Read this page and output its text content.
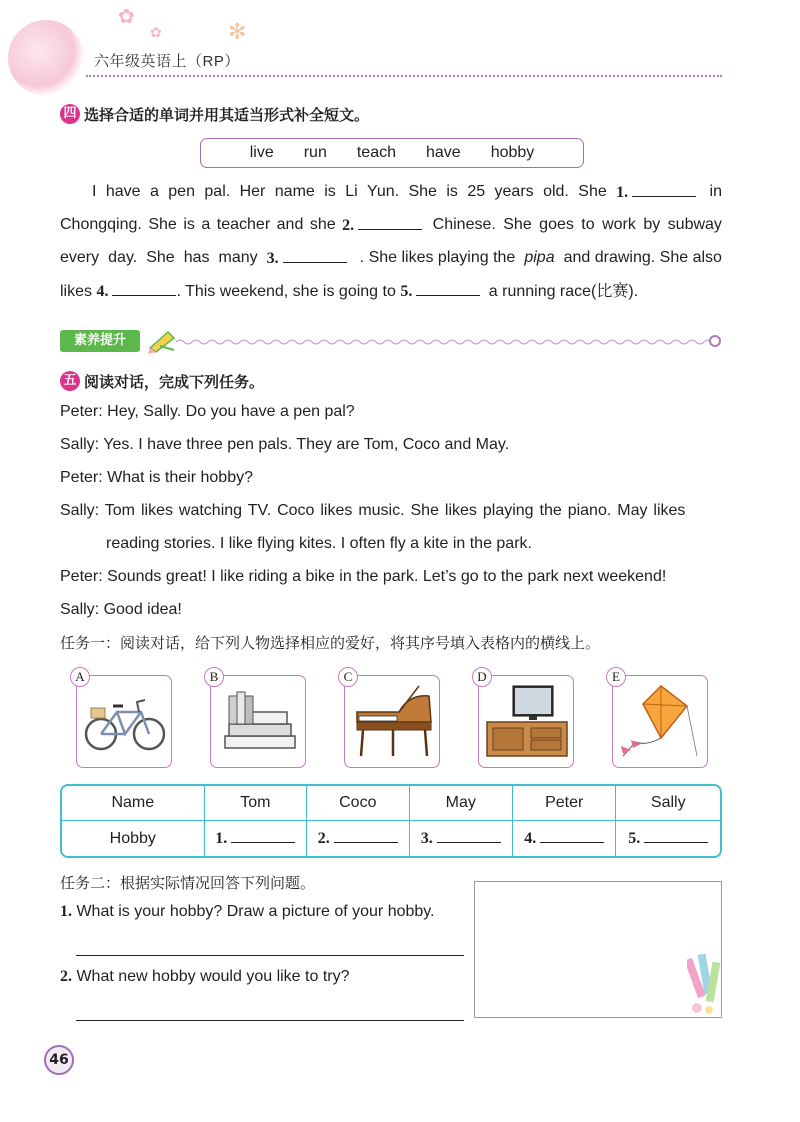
✿
✿	✻
六年级英语上（RP）
四 选择合适的单词并用其适当形式补全短文。
live run teach have hobby
I have a pen pal. Her name is Li Yun. She is 25 years old. She 1.	in
Chongqing. She is a teacher and she 2.	Chinese. She goes to work by subway
every day. She has many 3.	. She likes playing the pipa and drawing. She also
likes 4.	. This weekend, she is going to 5.	a running race(比赛).
素养提升
五 阅读对话，完成下列任务。
Peter: Hey, Sally. Do you have a pen pal?
Sally: Yes. I have three pen pals. They are Tom, Coco and May.
Peter: What is their hobby?
Sally: Tom likes watching TV. Coco likes music. She likes playing the piano. May likes
reading stories. I like flying kites. I often fly a kite in the park.
Peter: Sounds great! I like riding a bike in the park. Let’s go to the park next weekend!
Sally: Good idea!
任务一：阅读对话，给下列人物选择相应的爱好，将其序号填入表格内的横线上。
A	B	C	D	E
Name	Tom	Coco	May	Peter	Sally
Hobby	1.	2.	3.	4.	5.
任务二：根据实际情况回答下列问题。
1. What is your hobby? Draw a picture of your hobby.
2. What new hobby would you like to try?
46
